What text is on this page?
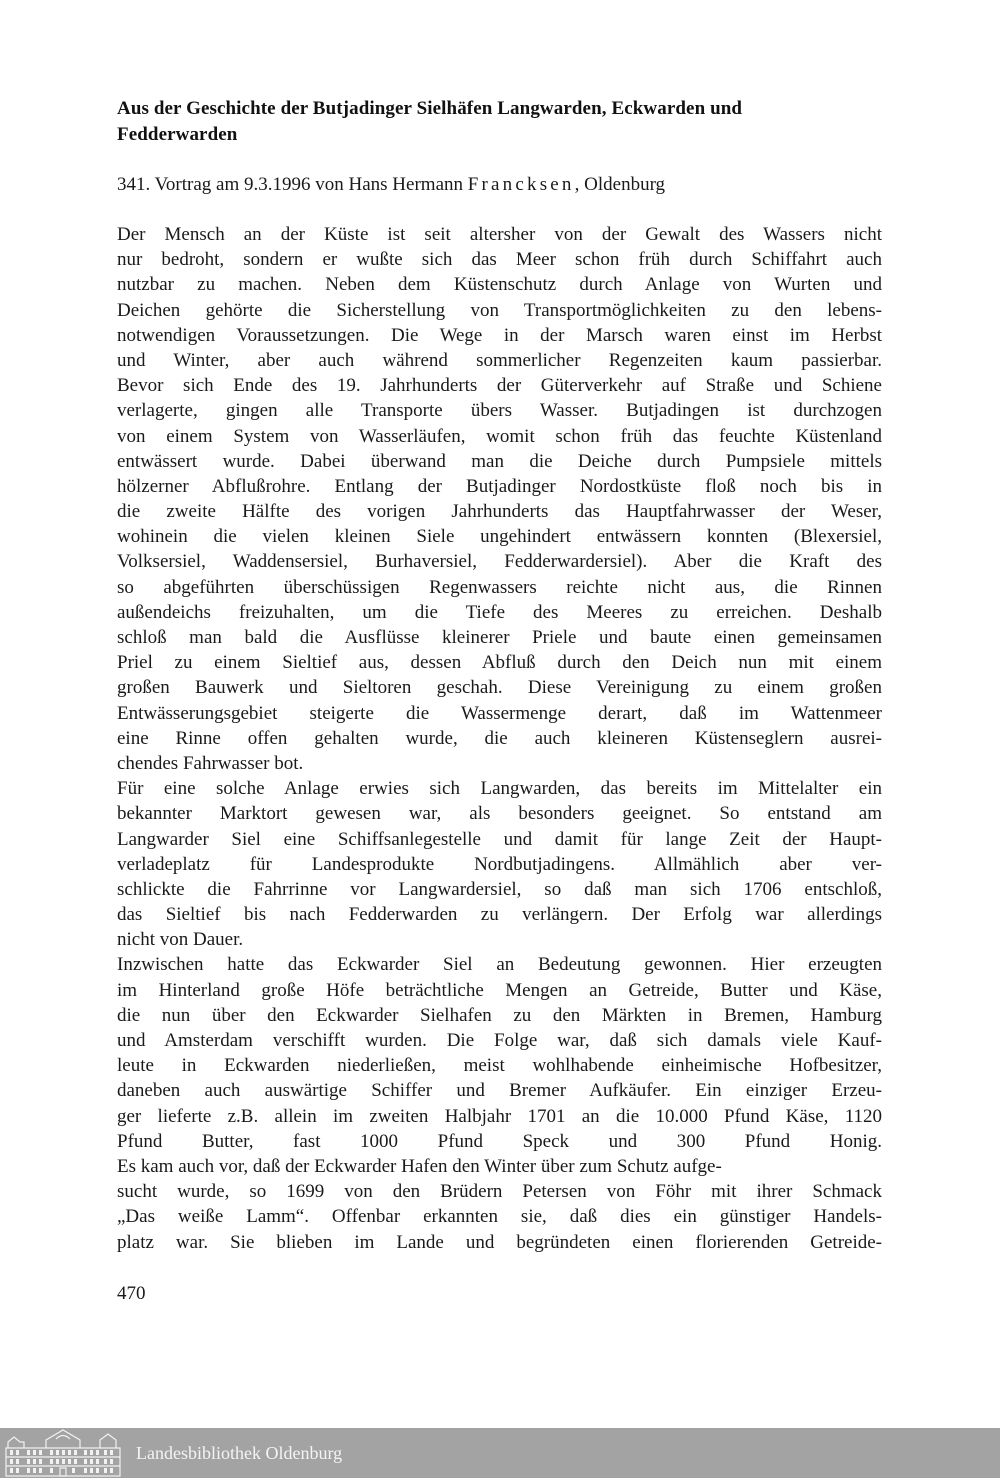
Aus der Geschichte der Butjadinger Sielhäfen Langwarden, Eckwarden und
Fedderwarden
341. Vortrag am 9.3.1996 von Hans Hermann Francksen, Oldenburg
Der Mensch an der Küste ist seit altersher von der Gewalt des Wassers nicht
nur bedroht, sondern er wußte sich das Meer schon früh durch Schiffahrt auch
nutzbar zu machen. Neben dem Küstenschutz durch Anlage von Wurten und
Deichen gehörte die Sicherstellung von Transportmöglichkeiten zu den lebens-
notwendigen Voraussetzungen. Die Wege in der Marsch waren einst im Herbst
und Winter, aber auch während sommerlicher Regenzeiten kaum passierbar.
Bevor sich Ende des 19. Jahrhunderts der Güterverkehr auf Straße und Schiene
verlagerte, gingen alle Transporte übers Wasser. Butjadingen ist durchzogen
von einem System von Wasserläufen, womit schon früh das feuchte Küstenland
entwässert wurde. Dabei überwand man die Deiche durch Pumpsiele mittels
hölzerner Abflußrohre. Entlang der Butjadinger Nordostküste floß noch bis in
die zweite Hälfte des vorigen Jahrhunderts das Hauptfahrwasser der Weser,
wohinein die vielen kleinen Siele ungehindert entwässern konnten (Blexersiel,
Volksersiel, Waddensersiel, Burhaversiel, Fedderwardersiel). Aber die Kraft des
so abgeführten überschüssigen Regenwassers reichte nicht aus, die Rinnen
außendeichs freizuhalten, um die Tiefe des Meeres zu erreichen. Deshalb
schloß man bald die Ausflüsse kleinerer Priele und baute einen gemeinsamen
Priel zu einem Sieltief aus, dessen Abfluß durch den Deich nun mit einem
großen Bauwerk und Sieltoren geschah. Diese Vereinigung zu einem großen
Entwässerungsgebiet steigerte die Wassermenge derart, daß im Wattenmeer
eine Rinne offen gehalten wurde, die auch kleineren Küstenseglern ausrei-
chendes Fahrwasser bot.
Für eine solche Anlage erwies sich Langwarden, das bereits im Mittelalter ein
bekannter Marktort gewesen war, als besonders geeignet. So entstand am
Langwarder Siel eine Schiffsanlegestelle und damit für lange Zeit der Haupt-
verladeplatz für Landesprodukte Nordbutjadingens. Allmählich aber ver-
schlickte die Fahrrinne vor Langwardersiel, so daß man sich 1706 entschloß,
das Sieltief bis nach Fedderwarden zu verlängern. Der Erfolg war allerdings
nicht von Dauer.
Inzwischen hatte das Eckwarder Siel an Bedeutung gewonnen. Hier erzeugten
im Hinterland große Höfe beträchtliche Mengen an Getreide, Butter und Käse,
die nun über den Eckwarder Sielhafen zu den Märkten in Bremen, Hamburg
und Amsterdam verschifft wurden. Die Folge war, daß sich damals viele Kauf-
leute in Eckwarden niederließen, meist wohlhabende einheimische Hofbesitzer,
daneben auch auswärtige Schiffer und Bremer Aufkäufer. Ein einziger Erzeu-
ger lieferte z.B. allein im zweiten Halbjahr 1701 an die 10.000 Pfund Käse, 1120
Pfund Butter, fast 1000 Pfund Speck und 300 Pfund Honig.
Es kam auch vor, daß der Eckwarder Hafen den Winter über zum Schutz aufge-
sucht wurde, so 1699 von den Brüdern Petersen von Föhr mit ihrer Schmack
„Das weiße Lamm“. Offenbar erkannten sie, daß dies ein günstiger Handels-
platz war. Sie blieben im Lande und begründeten einen florierenden Getreide-
470
Landesbibliothek Oldenburg
